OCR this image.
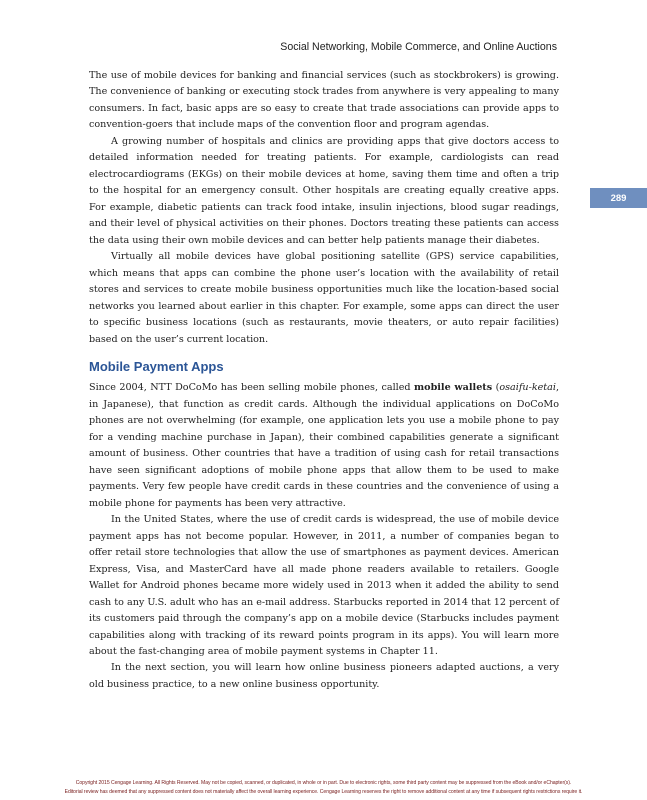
Social Networking, Mobile Commerce, and Online Auctions
289

The use of mobile devices for banking and financial services (such as stockbrokers) is growing. The convenience of banking or executing stock trades from anywhere is very appealing to many consumers. In fact, basic apps are so easy to create that trade associations can provide apps to convention-goers that include maps of the convention floor and program agendas.

A growing number of hospitals and clinics are providing apps that give doctors access to detailed information needed for treating patients. For example, cardiologists can read electrocardiograms (EKGs) on their mobile devices at home, saving them time and often a trip to the hospital for an emergency consult. Other hospitals are creating equally creative apps. For example, diabetic patients can track food intake, insulin injections, blood sugar readings, and their level of physical activities on their phones. Doctors treating these patients can access the data using their own mobile devices and can better help patients manage their diabetes.

Virtually all mobile devices have global positioning satellite (GPS) service capabilities, which means that apps can combine the phone user’s location with the availability of retail stores and services to create mobile business opportunities much like the location-based social networks you learned about earlier in this chapter. For example, some apps can direct the user to specific business locations (such as restaurants, movie theaters, or auto repair facilities) based on the user’s current location.

Mobile Payment Apps

Since 2004, NTT DoCoMo has been selling mobile phones, called mobile wallets (osaifu-ketai, in Japanese), that function as credit cards. Although the individual applications on DoCoMo phones are not overwhelming (for example, one application lets you use a mobile phone to pay for a vending machine purchase in Japan), their combined capabilities generate a significant amount of business. Other countries that have a tradition of using cash for retail transactions have seen significant adoptions of mobile phone apps that allow them to be used to make payments. Very few people have credit cards in these countries and the convenience of using a mobile phone for payments has been very attractive.

In the United States, where the use of credit cards is widespread, the use of mobile device payment apps has not become popular. However, in 2011, a number of companies began to offer retail store technologies that allow the use of smartphones as payment devices. American Express, Visa, and MasterCard have all made phone readers available to retailers. Google Wallet for Android phones became more widely used in 2013 when it added the ability to send cash to any U.S. adult who has an e-mail address. Starbucks reported in 2014 that 12 percent of its customers paid through the company’s app on a mobile device (Starbucks includes payment capabilities along with tracking of its reward points program in its apps). You will learn more about the fast-changing area of mobile payment systems in Chapter 11.

In the next section, you will learn how online business pioneers adapted auctions, a very old business practice, to a new online business opportunity.

Copyright 2015 Cengage Learning. All Rights Reserved. May not be copied, scanned, or duplicated, in whole or in part. Due to electronic rights, some third party content may be suppressed from the eBook and/or eChapter(s).
Editorial review has deemed that any suppressed content does not materially affect the overall learning experience. Cengage Learning reserves the right to remove additional content at any time if subsequent rights restrictions require it.
